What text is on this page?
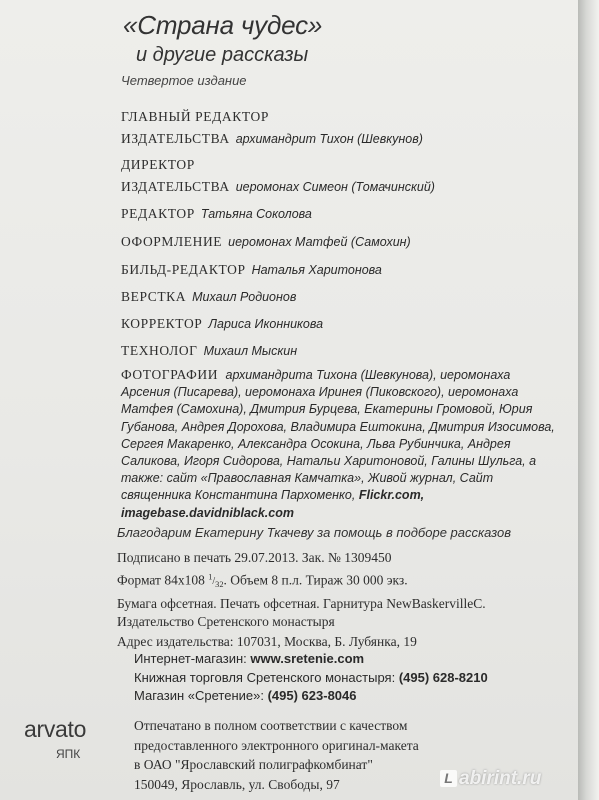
«Страна чудес»
и другие рассказы
Четвертое издание
ГЛАВНЫЙ РЕДАКТОР
ИЗДАТЕЛЬСТВА архимандрит Тихон (Шевкунов)
ДИРЕКТОР
ИЗДАТЕЛЬСТВА иеромонах Симеон (Томачинский)
РЕДАКТОР Татьяна Соколова
ОФОРМЛЕНИЕ иеромонах Матфей (Самохин)
БИЛЬД-РЕДАКТОР Наталья Харитонова
ВЕРСТКА Михаил Родионов
КОРРЕКТОР Лариса Иконникова
ТЕХНОЛОГ Михаил Мыскин
ФОТОГРАФИИ архимандрита Тихона (Шевкунова), иеромонаха Арсения (Писарева), иеромонаха Иринея (Пиковского), иеромонаха Матфея (Самохина), Дмитрия Бурцева, Екатерины Громовой, Юрия Губанова, Андрея Дорохова, Владимира Ештокина, Дмитрия Изосимова, Сергея Макаренко, Александра Осокина, Льва Рубинчика, Андрея Саликова, Игоря Сидорова, Натальи Харитоновой, Галины Шульга, а также: сайт «Православная Камчатка», Живой журнал, Сайт священника Константина Пархоменко, Flickr.com, imagebase.davidniblack.com
Благодарим Екатерину Ткачеву за помощь в подборе рассказов
Подписано в печать 29.07.2013. Зак. № 1309450
Формат 84x108 $^1/_{32}$. Объем 8 п.л. Тираж 30 000 экз.
Бумага офсетная. Печать офсетная. Гарнитура NewBaskervilleC.
Издательство Сретенского монастыря
Адрес издательства: 107031, Москва, Б. Лубянка, 19
Интернет-магазин: www.sretenie.com
Книжная торговля Сретенского монастыря: (495) 628-8210
Магазин «Сретение»: (495) 623-8046
Отпечатано в полном соответствии с качеством
предоставленного электронного оригинал-макета
в ОАО "Ярославский полиграфкомбинат"
150049, Ярославль, ул. Свободы, 97
arvato
ЯПК
L abirint.ru
